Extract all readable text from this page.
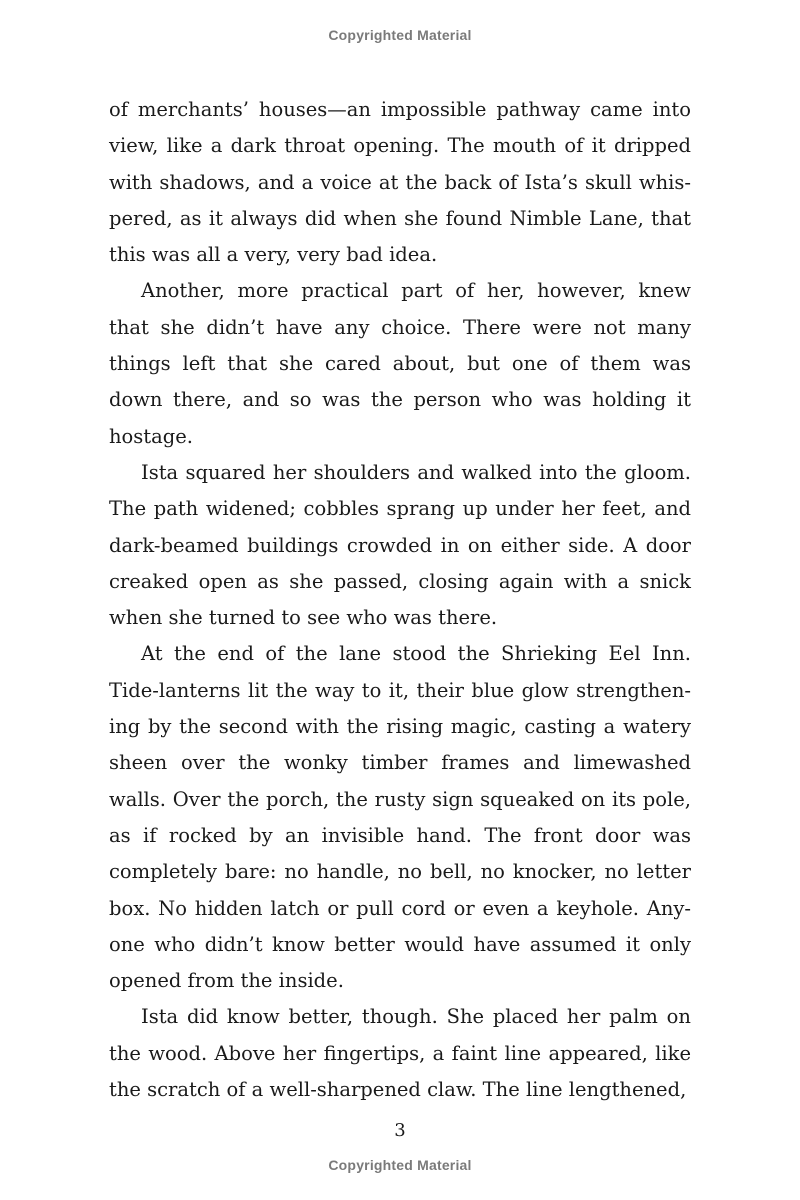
Copyrighted Material

of merchants’ houses—an impossible pathway came into view, like a dark throat opening. The mouth of it dripped with shadows, and a voice at the back of Ista’s skull whispered, as it always did when she found Nimble Lane, that this was all a very, very bad idea.

Another, more practical part of her, however, knew that she didn’t have any choice. There were not many things left that she cared about, but one of them was down there, and so was the person who was holding it hostage.

Ista squared her shoulders and walked into the gloom. The path widened; cobbles sprang up under her feet, and dark-beamed buildings crowded in on either side. A door creaked open as she passed, closing again with a snick when she turned to see who was there.

At the end of the lane stood the Shrieking Eel Inn. Tide-lanterns lit the way to it, their blue glow strengthening by the second with the rising magic, casting a watery sheen over the wonky timber frames and limewashed walls. Over the porch, the rusty sign squeaked on its pole, as if rocked by an invisible hand. The front door was completely bare: no handle, no bell, no knocker, no letter box. No hidden latch or pull cord or even a keyhole. Anyone who didn’t know better would have assumed it only opened from the inside.

Ista did know better, though. She placed her palm on the wood. Above her fingertips, a faint line appeared, like the scratch of a well-sharpened claw. The line lengthened,

3
Copyrighted Material
